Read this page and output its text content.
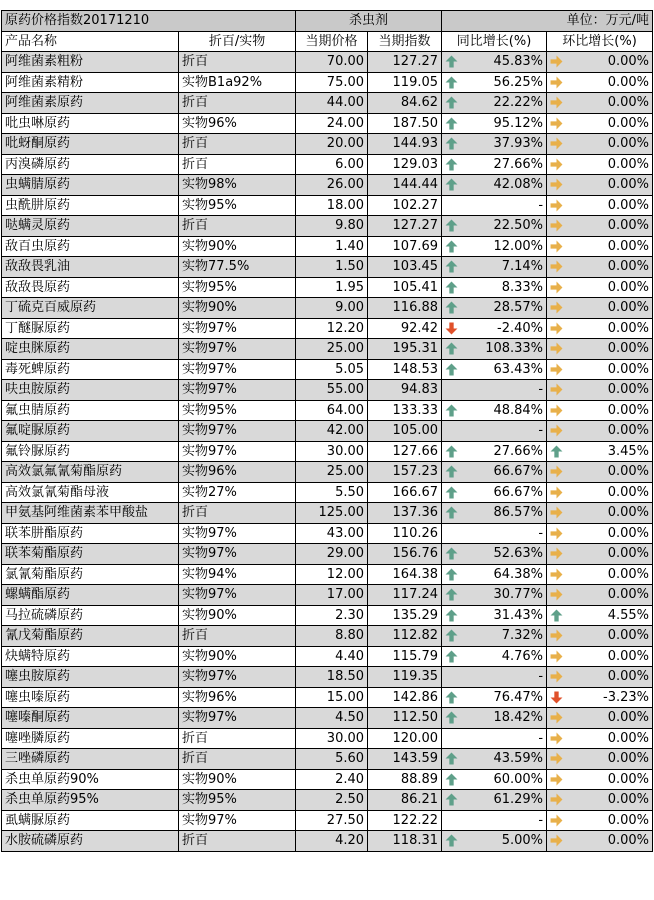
原药价格指数20171210		杀虫剂		单位：万元/吨	
产品名称	折百/实物	当期价格	当期指数	同比增长(%)	环比增长(%)
阿维菌素粗粉	折百	70.00	127.27	45.83%	0.00%

阿维菌素精粉	实物B1a92%	75.00	119.05	56.25%	0.00%

阿维菌素原药	折百	44.00	84.62	22.22%	0.00%

吡虫啉原药	实物96%	24.00	187.50	95.12%	0.00%

吡蚜酮原药	折百	20.00	144.93	37.93%	0.00%

丙溴磷原药	折百	6.00	129.03	27.66%	0.00%

虫螨腈原药	实物98%	26.00	144.44	42.08%	0.00%

虫酰肼原药	实物95%	18.00	102.27	-	0.00%

哒螨灵原药	折百	9.80	127.27	22.50%	0.00%

敌百虫原药	实物90%	1.40	107.69	12.00%	0.00%

敌敌畏乳油	实物77.5%	1.50	103.45	7.14%	0.00%

敌敌畏原药	实物95%	1.95	105.41	8.33%	0.00%

丁硫克百威原药	实物90%	9.00	116.88	28.57%	0.00%

丁醚脲原药	实物97%	12.20	92.42	-2.40%	0.00%

啶虫脒原药	实物97%	25.00	195.31	108.33%	0.00%

毒死蜱原药	实物97%	5.05	148.53	63.43%	0.00%

呋虫胺原药	实物97%	55.00	94.83	-	0.00%

氟虫腈原药	实物95%	64.00	133.33	48.84%	0.00%

氟啶脲原药	实物97%	42.00	105.00	-	0.00%

氟铃脲原药	实物97%	30.00	127.66	27.66%	3.45%

高效氯氟氰菊酯原药	实物96%	25.00	157.23	66.67%	0.00%

高效氯氰菊酯母液	实物27%	5.50	166.67	66.67%	0.00%

甲氨基阿维菌素苯甲酸盐	折百	125.00	137.36	86.57%	0.00%

联苯肼酯原药	实物97%	43.00	110.26	-	0.00%

联苯菊酯原药	实物97%	29.00	156.76	52.63%	0.00%

氯氰菊酯原药	实物94%	12.00	164.38	64.38%	0.00%

螺螨酯原药	实物97%	17.00	117.24	30.77%	0.00%

马拉硫磷原药	实物90%	2.30	135.29	31.43%	4.55%

氰戊菊酯原药	折百	8.80	112.82	7.32%	0.00%

炔螨特原药	实物90%	4.40	115.79	4.76%	0.00%

噻虫胺原药	实物97%	18.50	119.35	-	0.00%

噻虫嗪原药	实物96%	15.00	142.86	76.47%	-3.23%

噻嗪酮原药	实物97%	4.50	112.50	18.42%	0.00%

噻唑膦原药	折百	30.00	120.00	-	0.00%

三唑磷原药	折百	5.60	143.59	43.59%	0.00%

杀虫单原药90%	实物90%	2.40	88.89	60.00%	0.00%

杀虫单原药95%	实物95%	2.50	86.21	61.29%	0.00%

虱螨脲原药	实物97%	27.50	122.22	-	0.00%

水胺硫磷原药	折百	4.20	118.31	5.00%	0.00%
